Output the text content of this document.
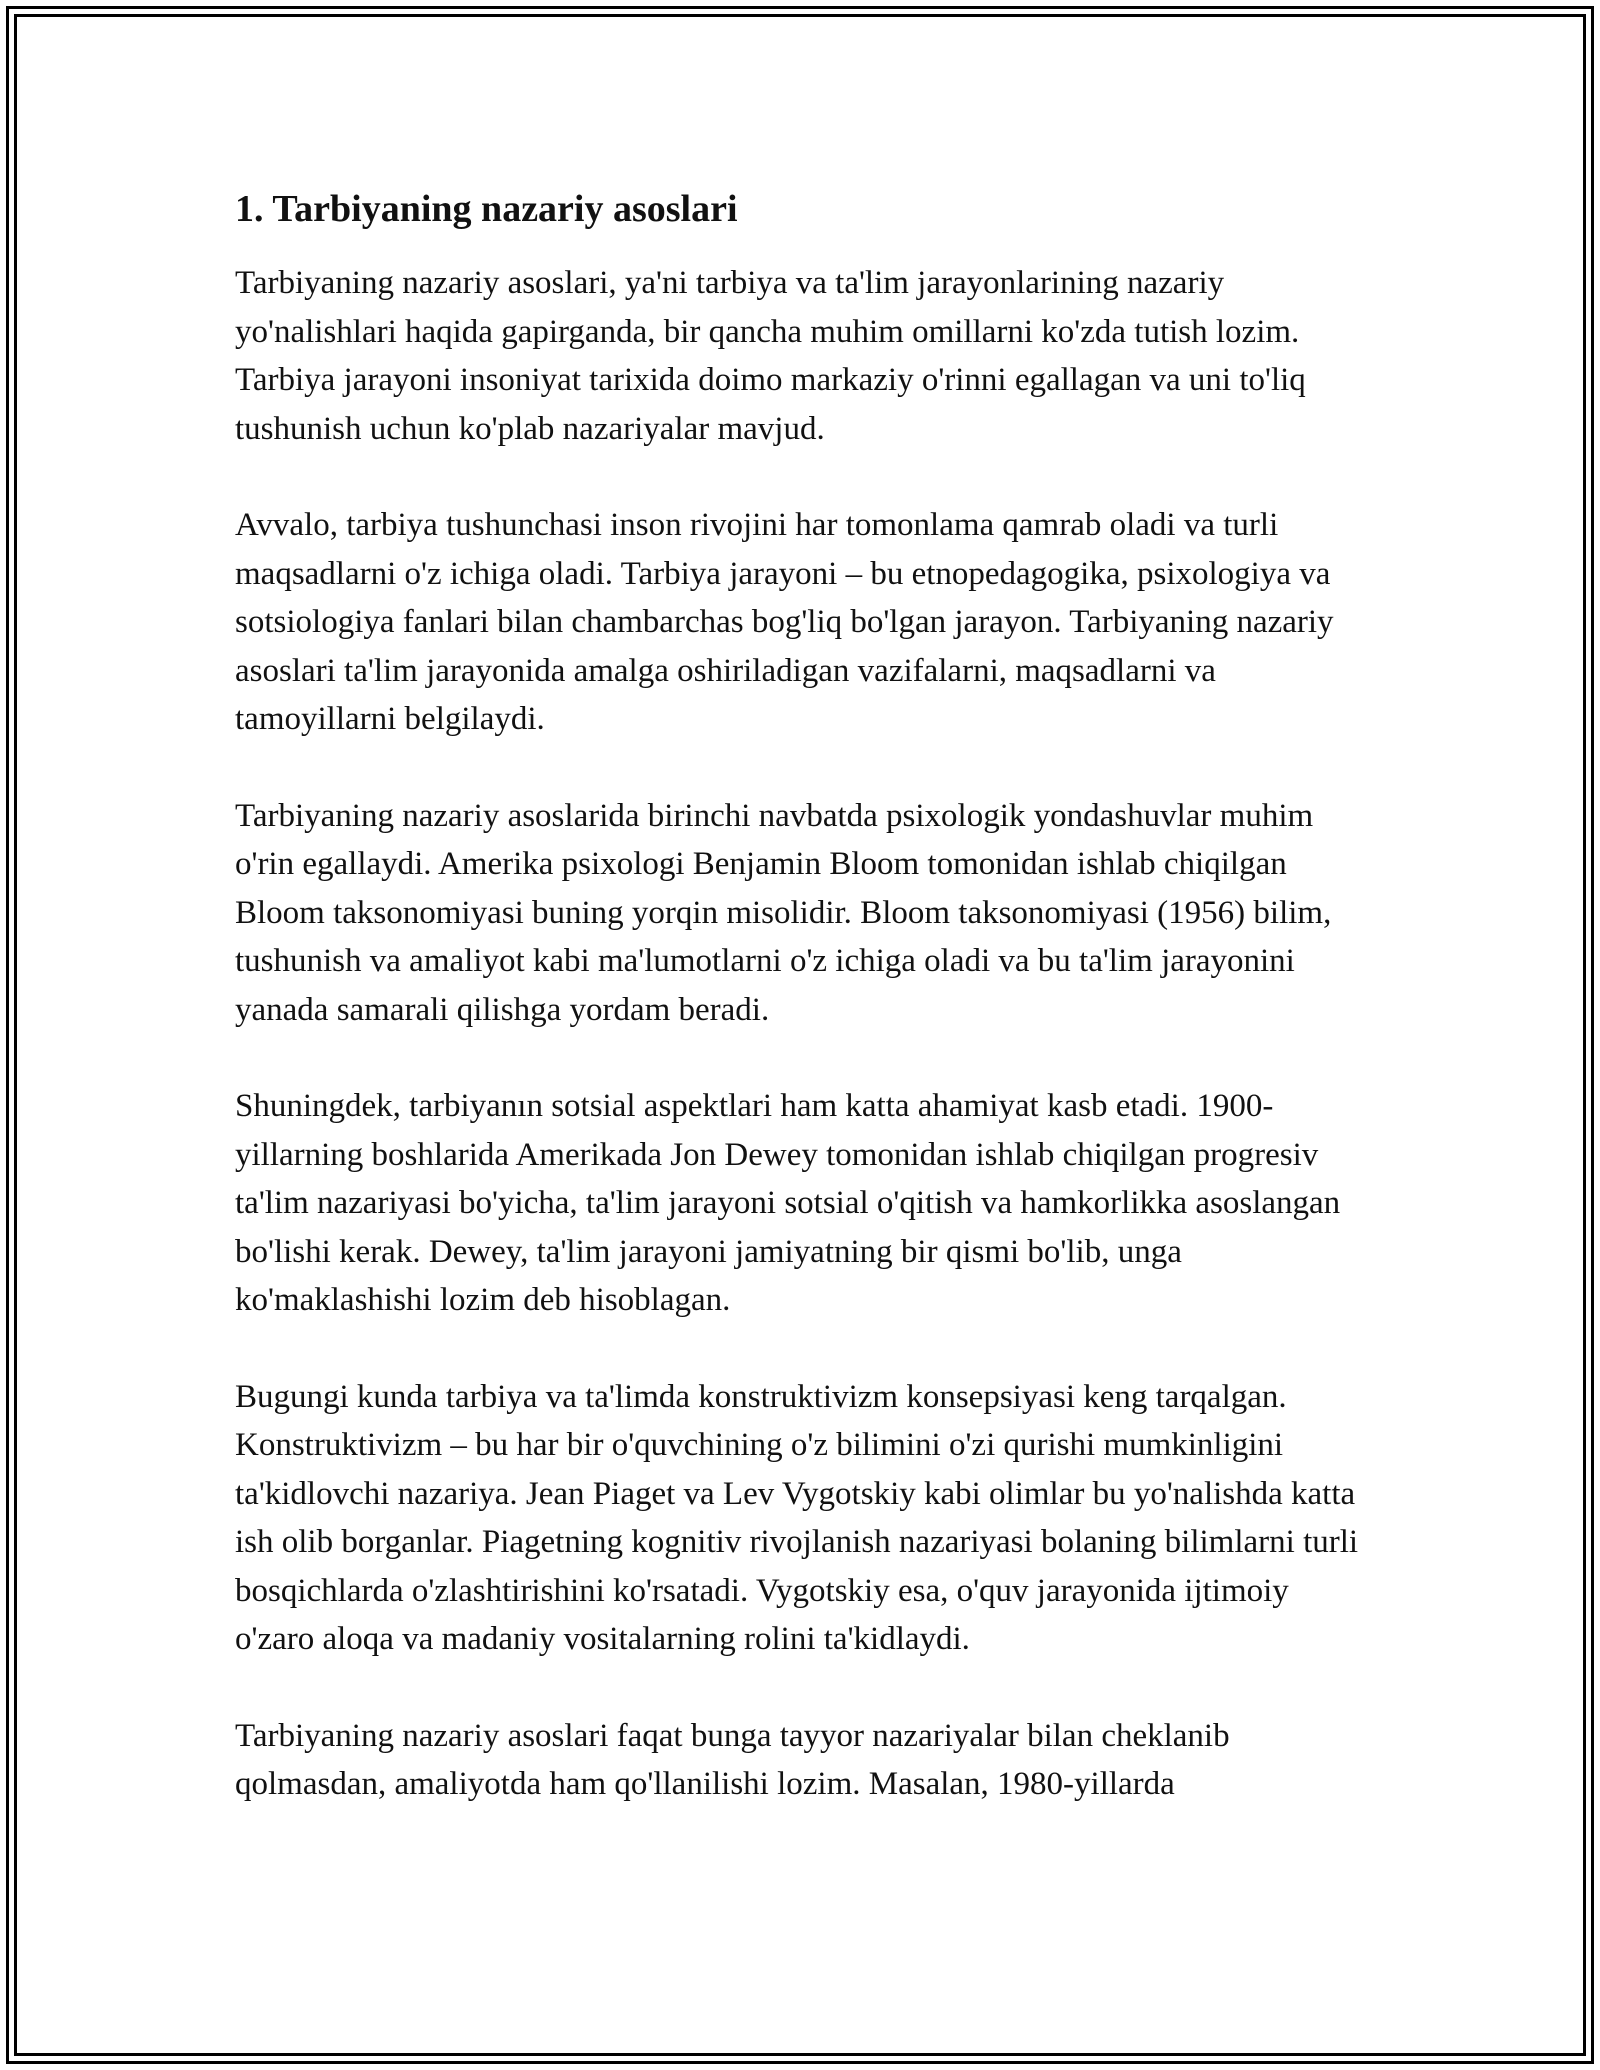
1. Tarbiyaning nazariy asoslari

Tarbiyaning nazariy asoslari, ya'ni tarbiya va ta'lim jarayonlarining nazariy yo'nalishlari haqida gapirganda, bir qancha muhim omillarni ko'zda tutish lozim. Tarbiya jarayoni insoniyat tarixida doimo markaziy o'rinni egallagan va uni to'liq tushunish uchun ko'plab nazariyalar mavjud.

Avvalo, tarbiya tushunchasi inson rivojini har tomonlama qamrab oladi va turli maqsadlarni o'z ichiga oladi. Tarbiya jarayoni – bu etnopedagogika, psixologiya va sotsiologiya fanlari bilan chambarchas bog'liq bo'lgan jarayon. Tarbiyaning nazariy asoslari ta'lim jarayonida amalga oshiriladigan vazifalarni, maqsadlarni va tamoyillarni belgilaydi.

Tarbiyaning nazariy asoslarida birinchi navbatda psixologik yondashuvlar muhim o'rin egallaydi. Amerika psixologi Benjamin Bloom tomonidan ishlab chiqilgan Bloom taksonomiyasi buning yorqin misolidir. Bloom taksonomiyasi (1956) bilim, tushunish va amaliyot kabi ma'lumotlarni o'z ichiga oladi va bu ta'lim jarayonini yanada samarali qilishga yordam beradi.

Shuningdek, tarbiyanın sotsial aspektlari ham katta ahamiyat kasb etadi. 1900-yillarning boshlarida Amerikada Jon Dewey tomonidan ishlab chiqilgan progresiv ta'lim nazariyasi bo'yicha, ta'lim jarayoni sotsial o'qitish va hamkorlikka asoslangan bo'lishi kerak. Dewey, ta'lim jarayoni jamiyatning bir qismi bo'lib, unga ko'maklashishi lozim deb hisoblagan.

Bugungi kunda tarbiya va ta'limda konstruktivizm konsepsiyasi keng tarqalgan. Konstruktivizm – bu har bir o'quvchining o'z bilimini o'zi qurishi mumkinligini ta'kidlovchi nazariya. Jean Piaget va Lev Vygotskiy kabi olimlar bu yo'nalishda katta ish olib borganlar. Piagetning kognitiv rivojlanish nazariyasi bolaning bilimlarni turli bosqichlarda o'zlashtirishini ko'rsatadi. Vygotskiy esa, o'quv jarayonida ijtimoiy o'zaro aloqa va madaniy vositalarning rolini ta'kidlaydi.

Tarbiyaning nazariy asoslari faqat bunga tayyor nazariyalar bilan cheklanib qolmasdan, amaliyotda ham qo'llanilishi lozim. Masalan, 1980-yillarda
